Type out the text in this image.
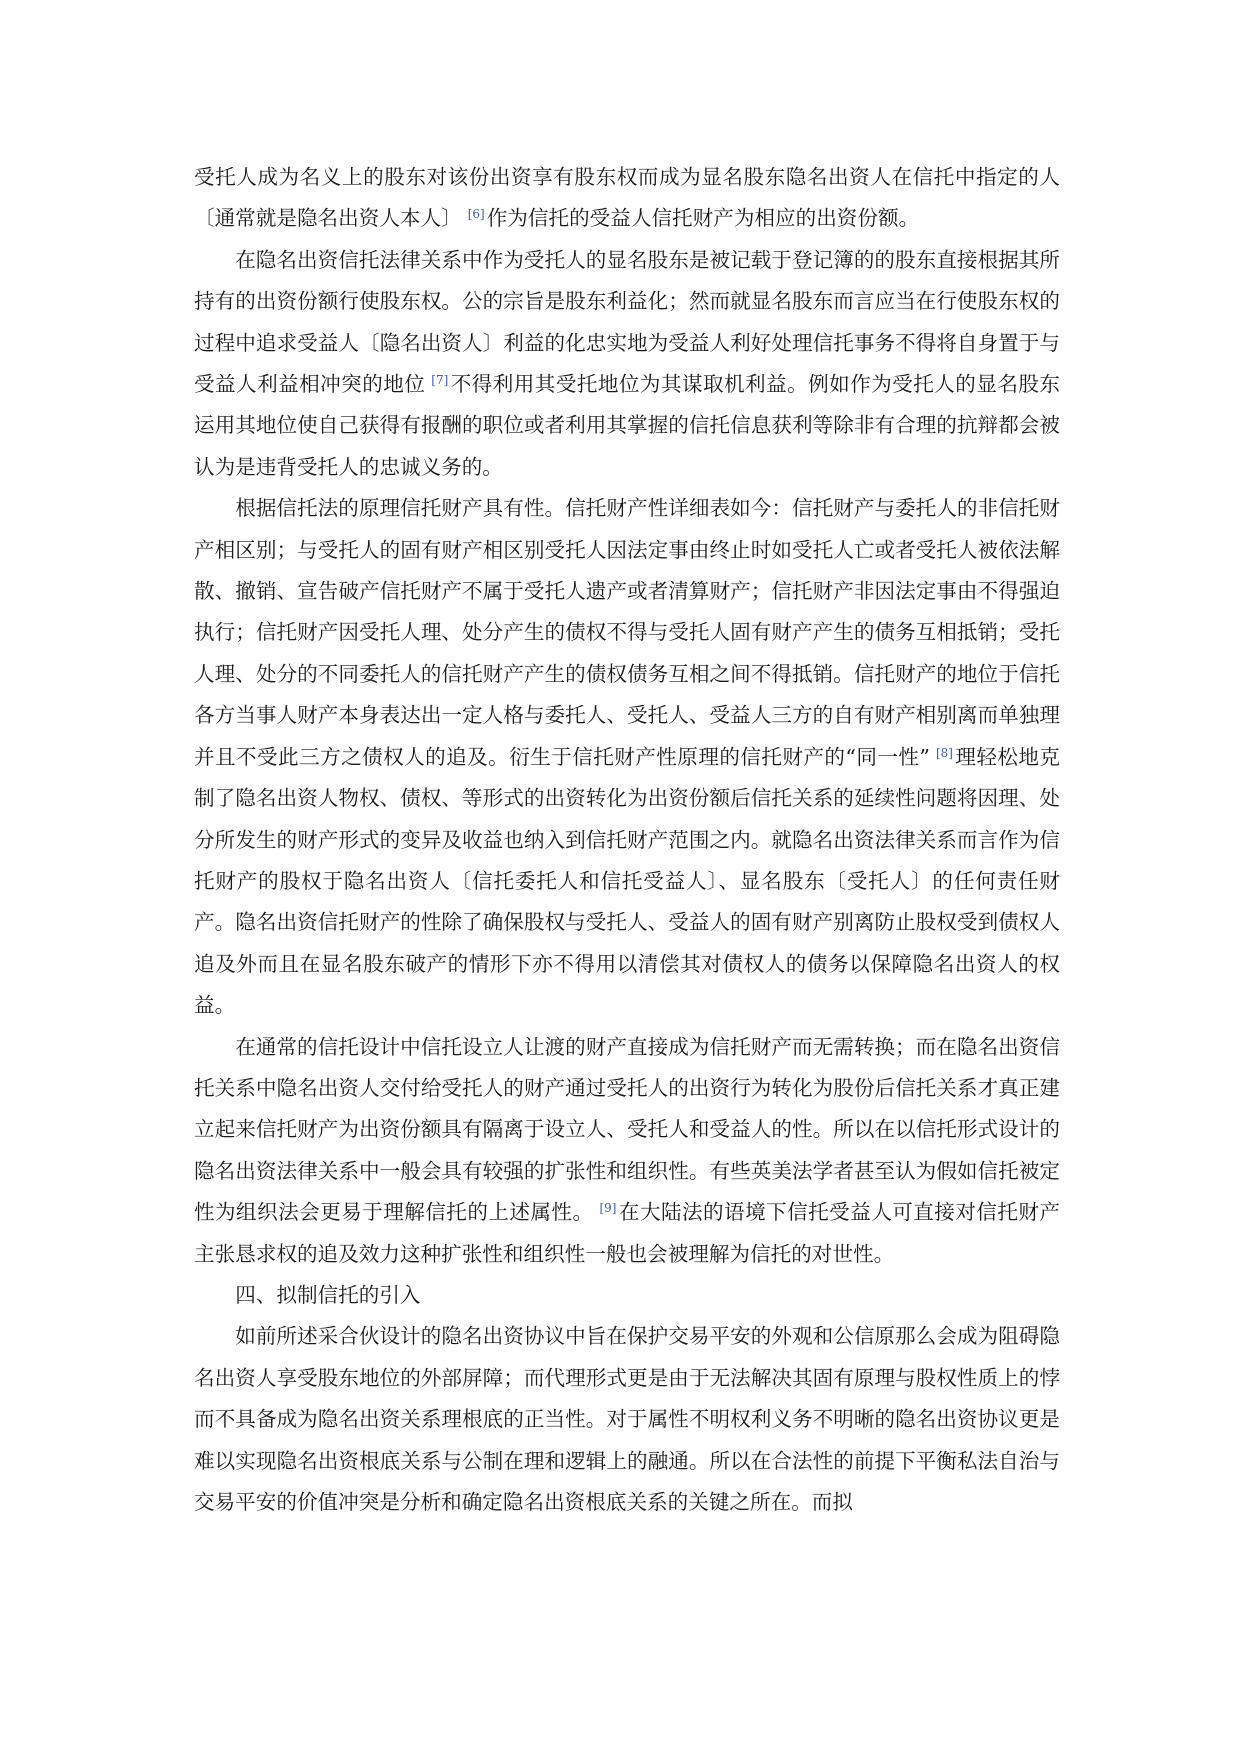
受托人成为名义上的股东对该份出资享有股东权而成为显名股东隐名出资人在信托中指定的人〔通常就是隐名出资人本人〕 [6]作为信托的受益人信托财产为相应的出资份额。

在隐名出资信托法律关系中作为受托人的显名股东是被记载于登记簿的的股东直接根据其所持有的出资份额行使股东权。公的宗旨是股东利益化；然而就显名股东而言应当在行使股东权的过程中追求受益人〔隐名出资人〕利益的化忠实地为受益人利好处理信托事务不得将自身置于与受益人利益相冲突的地位 [7]不得利用其受托地位为其谋取机利益。例如作为受托人的显名股东运用其地位使自己获得有报酬的职位或者利用其掌握的信托信息获利等除非有合理的抗辩都会被认为是违背受托人的忠诚义务的。

根据信托法的原理信托财产具有性。信托财产性详细表如今：信托财产与委托人的非信托财产相区别；与受托人的固有财产相区别受托人因法定事由终止时如受托人亡或者受托人被依法解散、撤销、宣告破产信托财产不属于受托人遗产或者清算财产；信托财产非因法定事由不得强迫执行；信托财产因受托人理、处分产生的债权不得与受托人固有财产产生的债务互相抵销；受托人理、处分的不同委托人的信托财产产生的债权债务互相之间不得抵销。信托财产的地位于信托各方当事人财产本身表达出一定人格与委托人、受托人、受益人三方的自有财产相别离而单独理并且不受此三方之债权人的追及。衍生于信托财产性原理的信托财产的“同一性” [8]理轻松地克制了隐名出资人物权、债权、等形式的出资转化为出资份额后信托关系的延续性问题将因理、处分所发生的财产形式的变异及收益也纳入到信托财产范围之内。就隐名出资法律关系而言作为信托财产的股权于隐名出资人〔信托委托人和信托受益人〕、显名股东〔受托人〕的任何责任财产。隐名出资信托财产的性除了确保股权与受托人、受益人的固有财产别离防止股权受到债权人追及外而且在显名股东破产的情形下亦不得用以清偿其对债权人的债务以保障隐名出资人的权益。

在通常的信托设计中信托设立人让渡的财产直接成为信托财产而无需转换；而在隐名出资信托关系中隐名出资人交付给受托人的财产通过受托人的出资行为转化为股份后信托关系才真正建立起来信托财产为出资份额具有隔离于设立人、受托人和受益人的性。所以在以信托形式设计的隐名出资法律关系中一般会具有较强的扩张性和组织性。有些英美法学者甚至认为假如信托被定性为组织法会更易于理解信托的上述属性。 [9]在大陆法的语境下信托受益人可直接对信托财产主张恳求权的追及效力这种扩张性和组织性一般也会被理解为信托的对世性。

四、拟制信托的引入

如前所述采合伙设计的隐名出资协议中旨在保护交易平安的外观和公信原那么会成为阻碍隐名出资人享受股东地位的外部屏障；而代理形式更是由于无法解决其固有原理与股权性质上的悖而不具备成为隐名出资关系理根底的正当性。对于属性不明权利义务不明晰的隐名出资协议更是难以实现隐名出资根底关系与公制在理和逻辑上的融通。所以在合法性的前提下平衡私法自治与交易平安的价值冲突是分析和确定隐名出资根底关系的关键之所在。而拟
